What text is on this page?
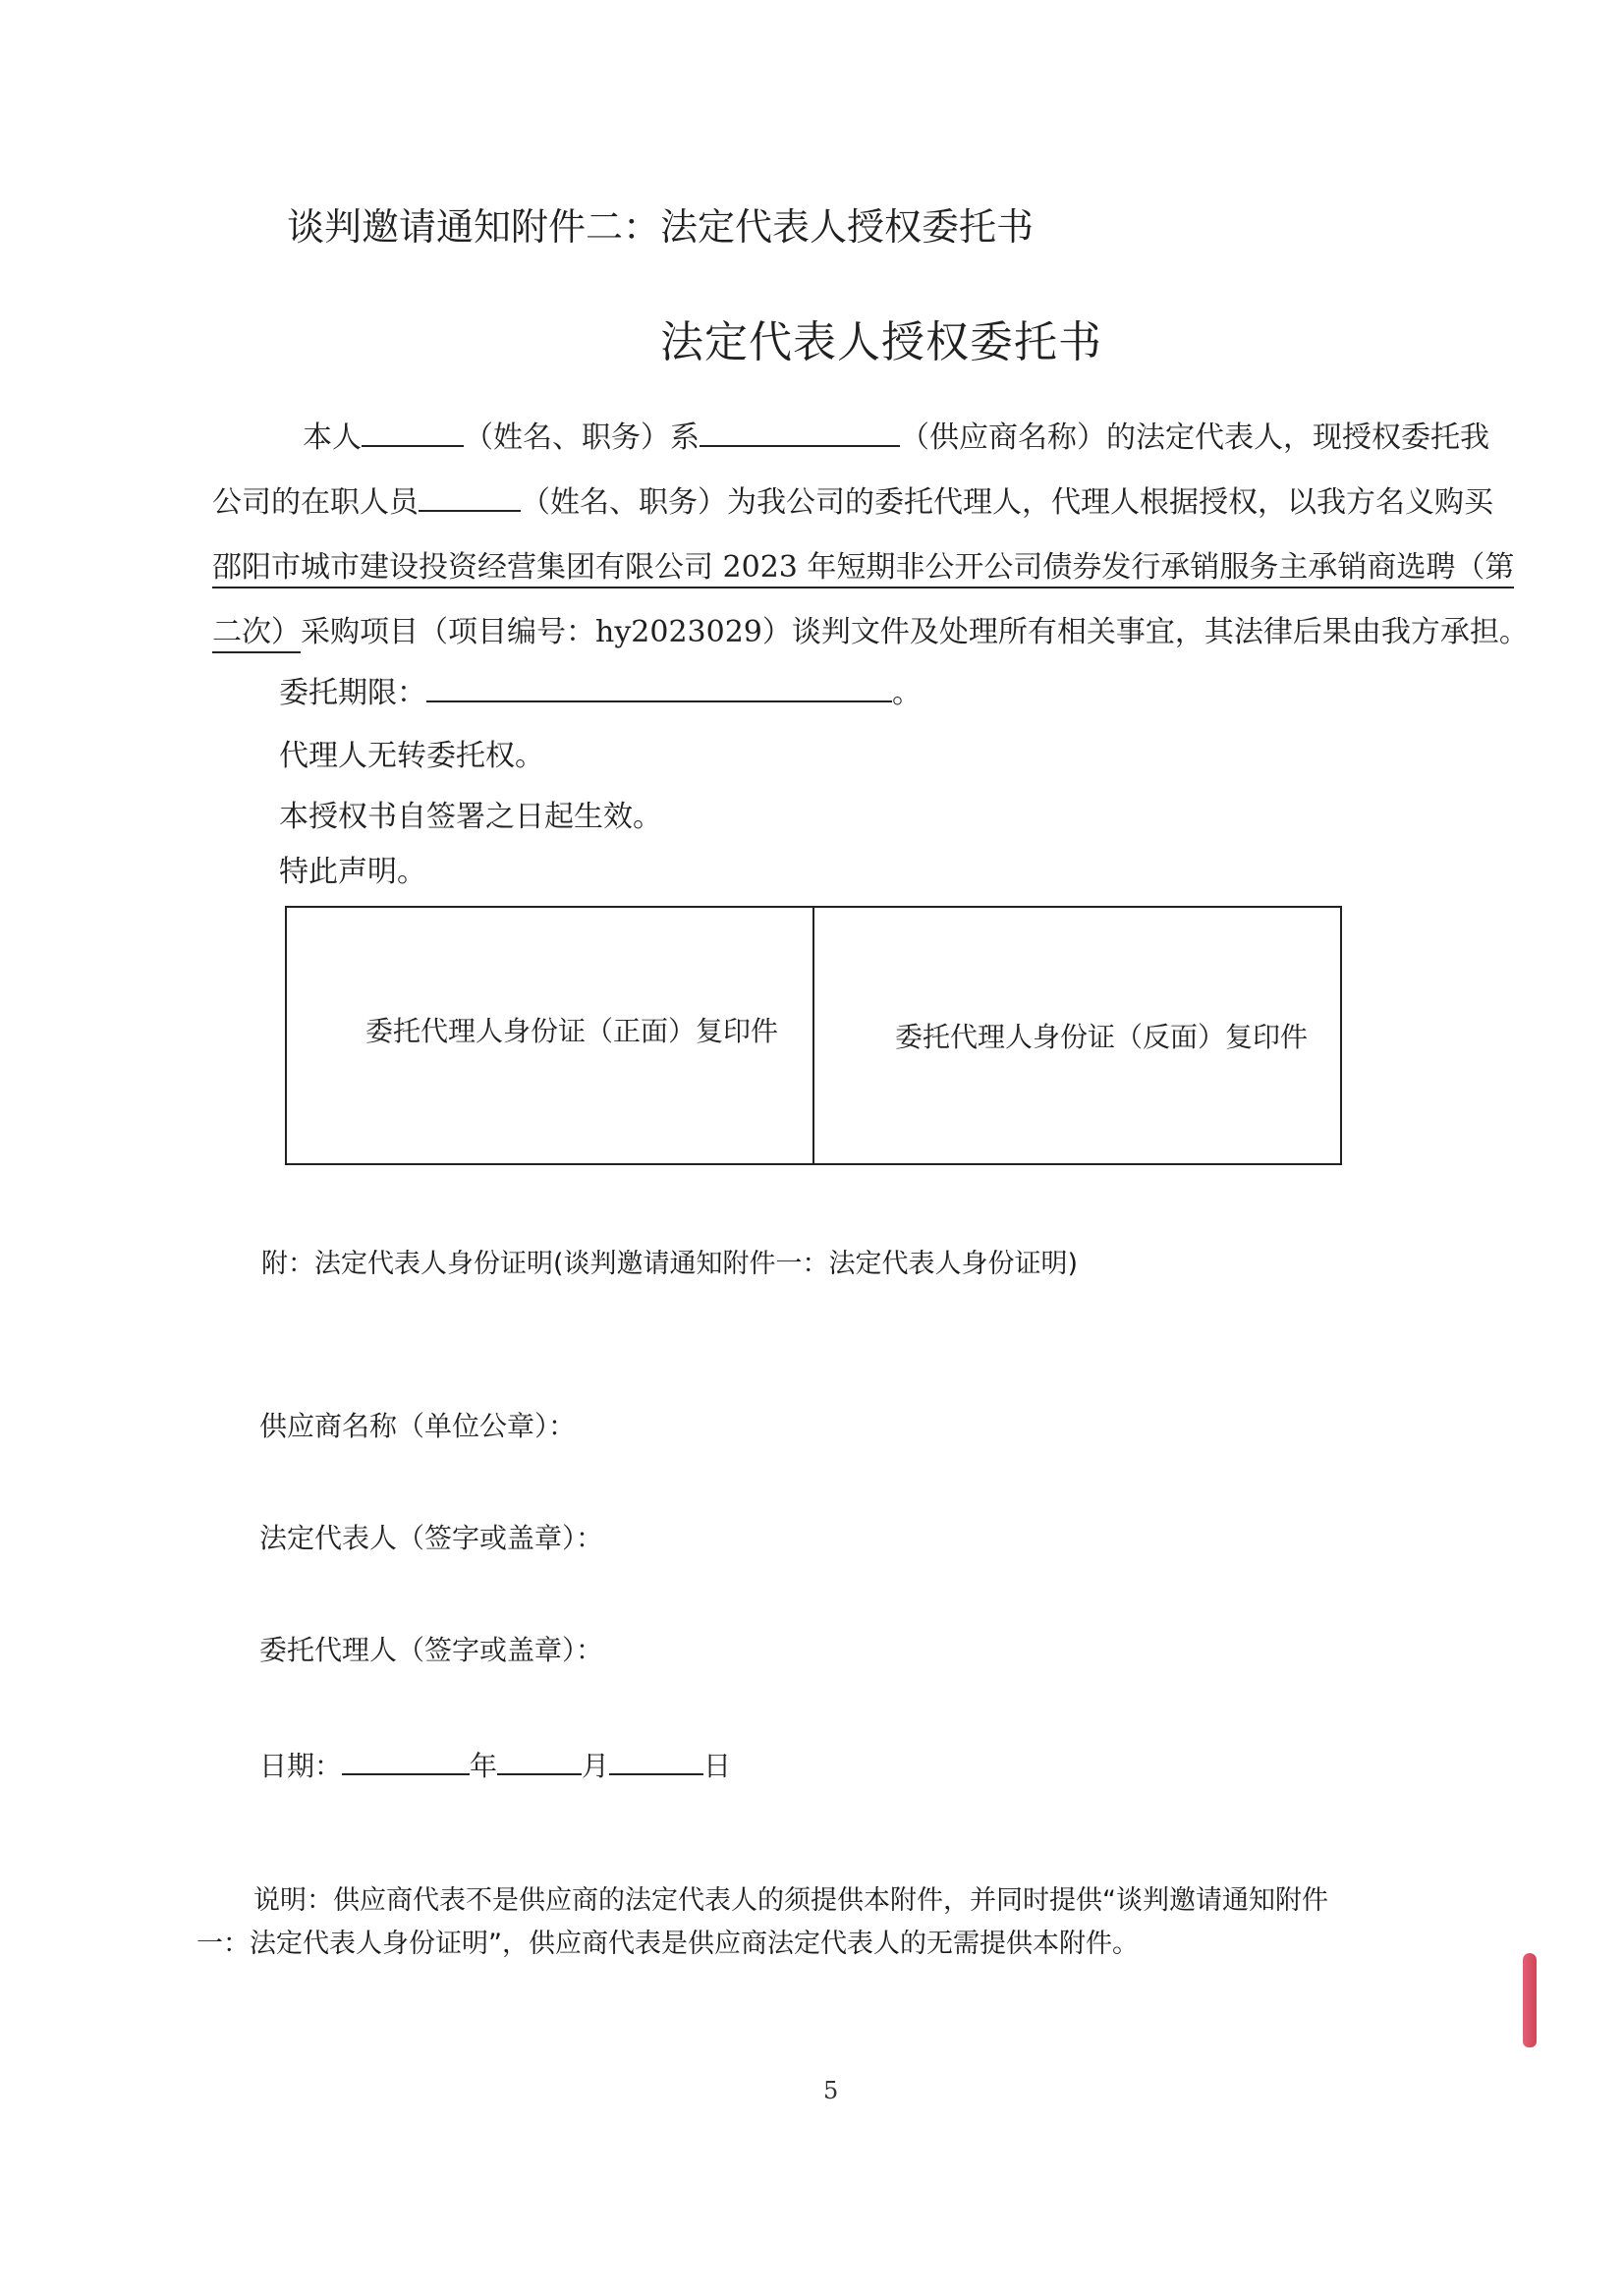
谈判邀请通知附件二：法定代表人授权委托书
法定代表人授权委托书
本人	（姓名、职务）系	（供应商名称）的法定代表人，现授权委托我
公司的在职人员	（姓名、职务）为我公司的委托代理人，代理人根据授权，以我方名义购买
邵阳市城市建设投资经营集团有限公司 2023 年短期非公开公司债券发行承销服务主承销商选聘（第
二次）采购项目（项目编号：hy2023029）谈判文件及处理所有相关事宜，其法律后果由我方承担。
委托期限：	。
代理人无转委托权。
本授权书自签署之日起生效。
特此声明。
委托代理人身份证（正面）复印件	委托代理人身份证（反面）复印件
附：法定代表人身份证明(谈判邀请通知附件一：法定代表人身份证明)
供应商名称（单位公章）：
法定代表人（签字或盖章）：
委托代理人（签字或盖章）：
日期：	年	月	日
说明：供应商代表不是供应商的法定代表人的须提供本附件，并同时提供“谈判邀请通知附件
一：法定代表人身份证明”，供应商代表是供应商法定代表人的无需提供本附件。
5
